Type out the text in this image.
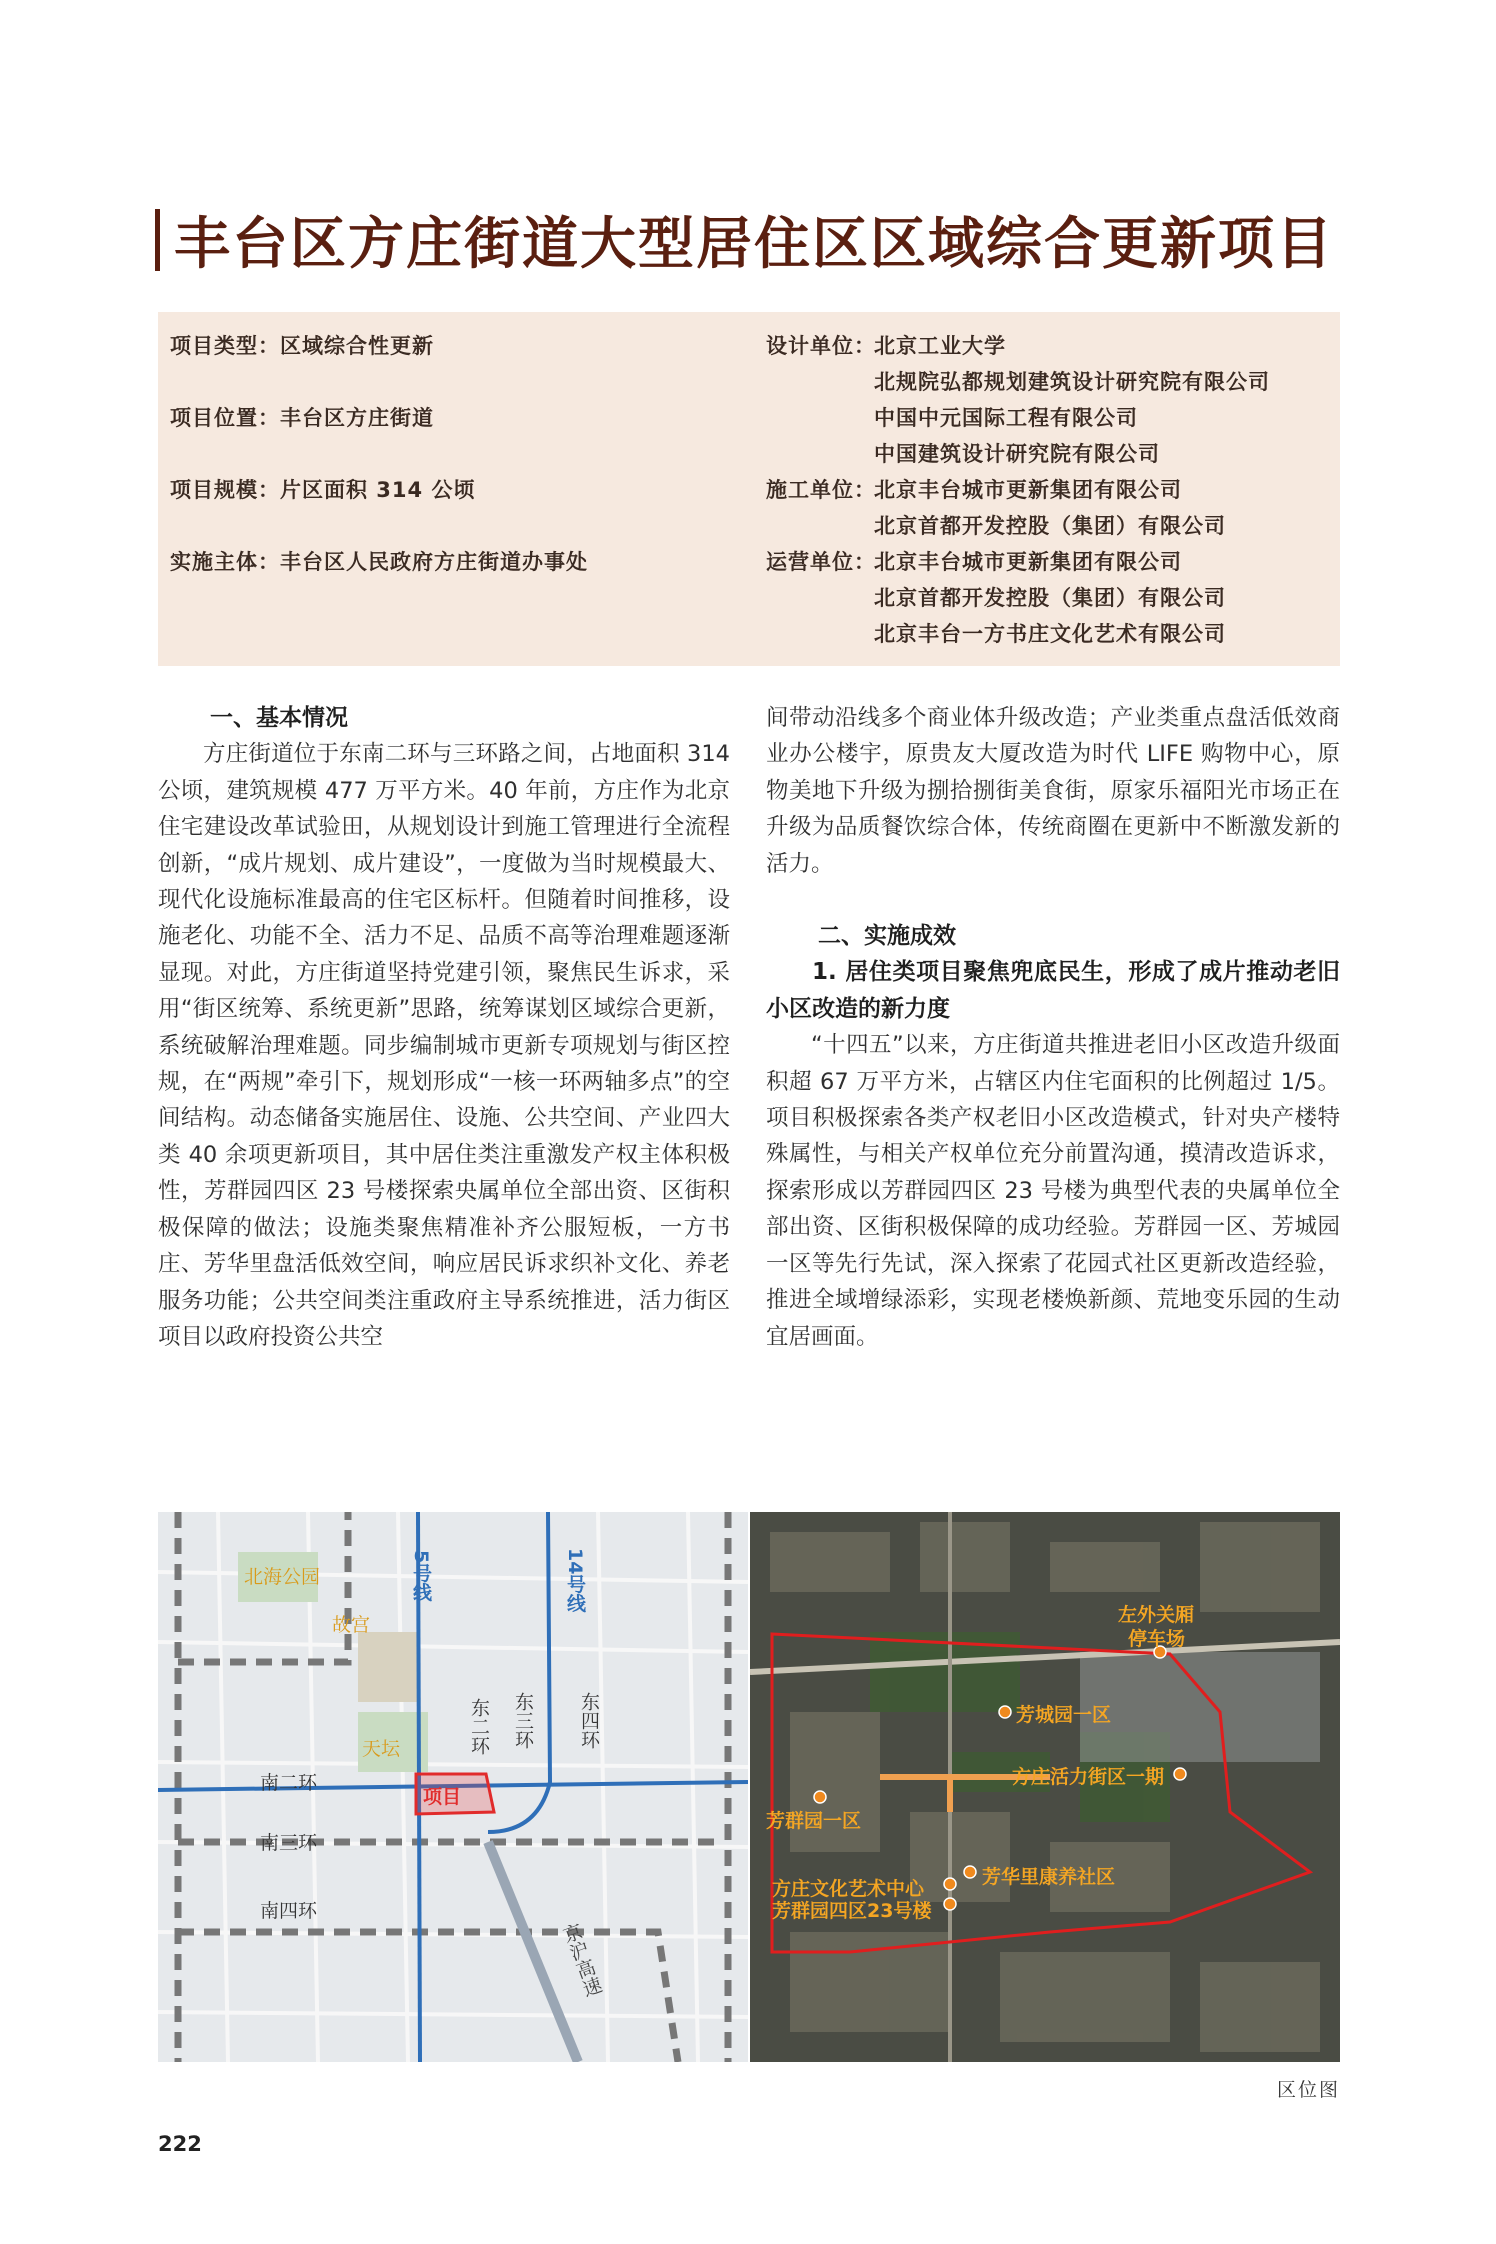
丰台区方庄街道大型居住区区域综合更新项目
项目类型：区域综合性更新
项目位置：丰台区方庄街道
项目规模：片区面积 314 公顷
实施主体：丰台区人民政府方庄街道办事处
设计单位：
北京工业大学
北规院弘都规划建筑设计研究院有限公司
中国中元国际工程有限公司
中国建筑设计研究院有限公司
施工单位：
北京丰台城市更新集团有限公司
北京首都开发控股（集团）有限公司
运营单位：
北京丰台城市更新集团有限公司
北京首都开发控股（集团）有限公司
北京丰台一方书庄文化艺术有限公司
一、基本情况

方庄街道位于东南二环与三环路之间，占地面积 314 公顷，建筑规模 477 万平方米。40 年前，方庄作为北京住宅建设改革试验田，从规划设计到施工管理进行全流程创新，“成片规划、成片建设”，一度做为当时规模最大、现代化设施标准最高的住宅区标杆。但随着时间推移，设施老化、功能不全、活力不足、品质不高等治理难题逐渐显现。对此，方庄街道坚持党建引领，聚焦民生诉求，采用“街区统筹、系统更新”思路，统筹谋划区域综合更新，系统破解治理难题。同步编制城市更新专项规划与街区控规，在“两规”牵引下，规划形成“一核一环两轴多点”的空间结构。动态储备实施居住、设施、公共空间、产业四大类 40 余项更新项目，其中居住类注重激发产权主体积极性，芳群园四区 23 号楼探索央属单位全部出资、区街积极保障的做法；设施类聚焦精准补齐公服短板，一方书庄、芳华里盘活低效空间，响应居民诉求织补文化、养老服务功能；公共空间类注重政府主导系统推进，活力街区项目以政府投资公共空

间带动沿线多个商业体升级改造；产业类重点盘活低效商业办公楼宇，原贵友大厦改造为时代 LIFE 购物中心，原物美地下升级为捌拾捌街美食街，原家乐福阳光市场正在升级为品质餐饮综合体，传统商圈在更新中不断激发新的活力。

二、实施成效
1. 居住类项目聚焦兜底民生，形成了成片推动老旧小区改造的新力度

“十四五”以来，方庄街道共推进老旧小区改造升级面积超 67 万平方米，占辖区内住宅面积的比例超过 1/5。项目积极探索各类产权老旧小区改造模式，针对央产楼特殊属性，与相关产权单位充分前置沟通，摸清改造诉求，探索形成以芳群园四区 23 号楼为典型代表的央属单位全部出资、区街积极保障的成功经验。芳群园一区、芳城园一区等先行先试，深入探索了花园式社区更新改造经验，推进全域增绿添彩，实现老楼焕新颜、荒地变乐园的生动宜居画面。

北海公园
故宫
天坛
5号线	14号线
东二环 东三环 东四环
南二环
南三环
南四环
项目
京沪高速
左外关厢
停车场
芳城园一区
方庄活力街区一期
芳群园一区
芳华里康养社区
方庄文化艺术中心
芳群园四区23号楼
区位图
222
